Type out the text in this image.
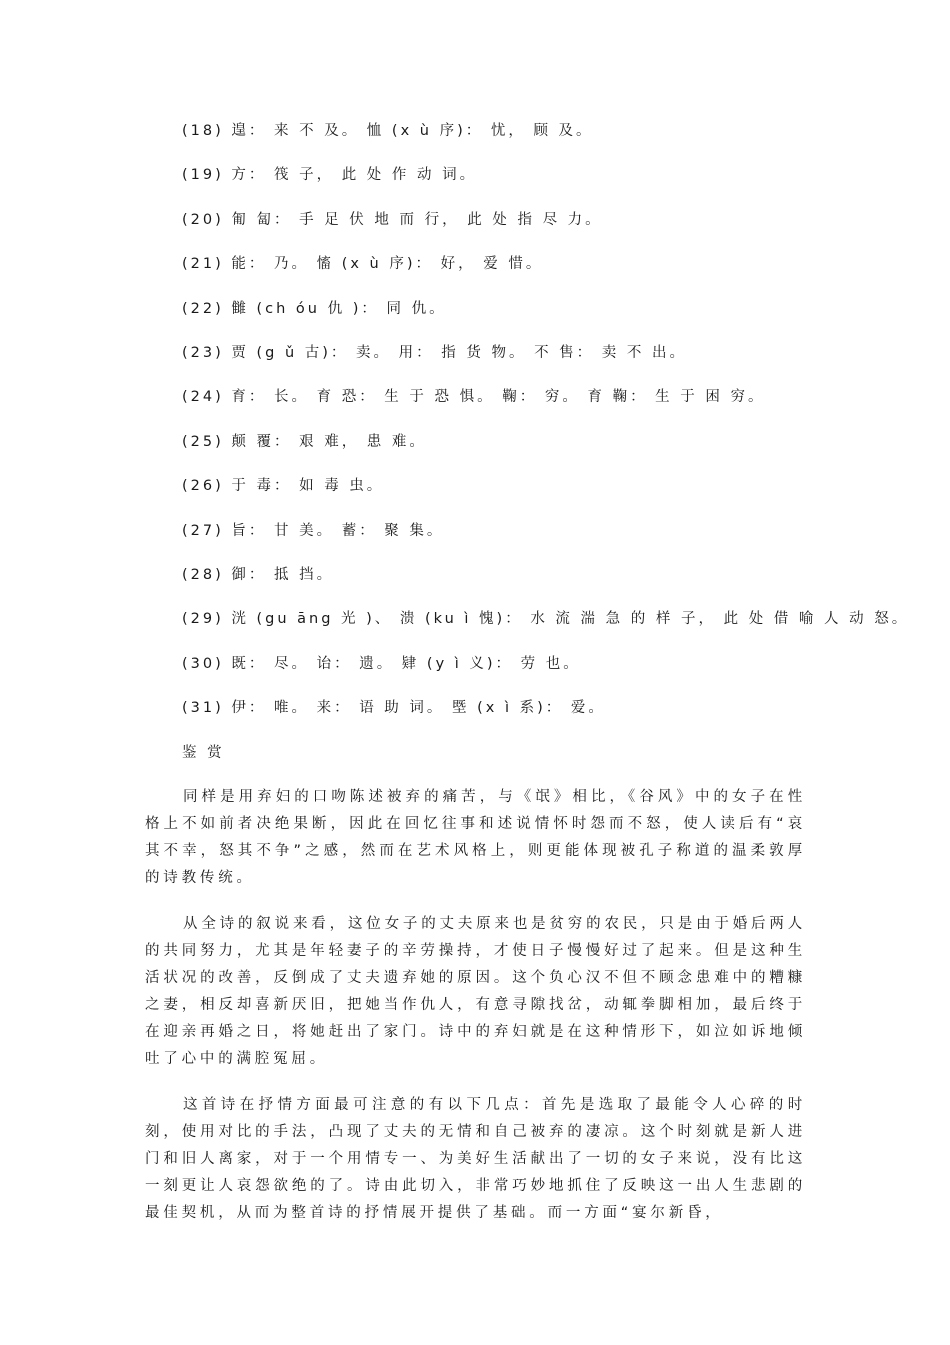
(18) 遑： 来 不 及。 恤 (x ù 序)： 忧， 顾 及。
(19) 方： 筏 子， 此 处 作 动 词。
(20) 匍 匐： 手 足 伏 地 而 行， 此 处 指 尽 力。
(21) 能： 乃。 慉 (x ù 序)： 好， 爱 惜。
(22) 雠 (ch óu 仇 )： 同 仇。
(23) 贾 (g ǔ 古)： 卖。 用： 指 货 物。 不 售： 卖 不 出。
(24) 育： 长。 育 恐： 生 于 恐 惧。 鞠： 穷。 育 鞠： 生 于 困 穷。
(25) 颠 覆： 艰 难， 患 难。
(26) 于 毒： 如 毒 虫。
(27) 旨： 甘 美。 蓄： 聚 集。
(28) 御： 抵 挡。
(29) 洸 (gu āng 光 )、 溃 (ku ì 愧)： 水 流 湍 急 的 样 子， 此 处 借 喻 人 动 怒。
(30) 既： 尽。 诒： 遗。 肄 (y ì 义)： 劳 也。
(31) 伊： 唯。 来： 语 助 词。 塈 (x ì 系)： 爱。
鉴 赏

同样是用弃妇的口吻陈述被弃的痛苦，与《氓》相比，《谷风》中的女子在性格上不如前者决绝果断，因此在回忆往事和述说情怀时怨而不怒，使人读后有“哀其不幸，怒其不争”之感，然而在艺术风格上，则更能体现被孔子称道的温柔敦厚的诗教传统。

从全诗的叙说来看，这位女子的丈夫原来也是贫穷的农民，只是由于婚后两人的共同努力，尤其是年轻妻子的辛劳操持，才使日子慢慢好过了起来。但是这种生活状况的改善，反倒成了丈夫遗弃她的原因。这个负心汉不但不顾念患难中的糟糠之妻，相反却喜新厌旧，把她当作仇人，有意寻隙找岔，动辄拳脚相加，最后终于在迎亲再婚之日，将她赶出了家门。诗中的弃妇就是在这种情形下，如泣如诉地倾吐了心中的满腔冤屈。

这首诗在抒情方面最可注意的有以下几点：首先是选取了最能令人心碎的时刻，使用对比的手法，凸现了丈夫的无情和自己被弃的凄凉。这个时刻就是新人进门和旧人离家，对于一个用情专一、为美好生活献出了一切的女子来说，没有比这一刻更让人哀怨欲绝的了。诗由此切入，非常巧妙地抓住了反映这一出人生悲剧的最佳契机，从而为整首诗的抒情展开提供了基础。而一方面“宴尔新昏，
